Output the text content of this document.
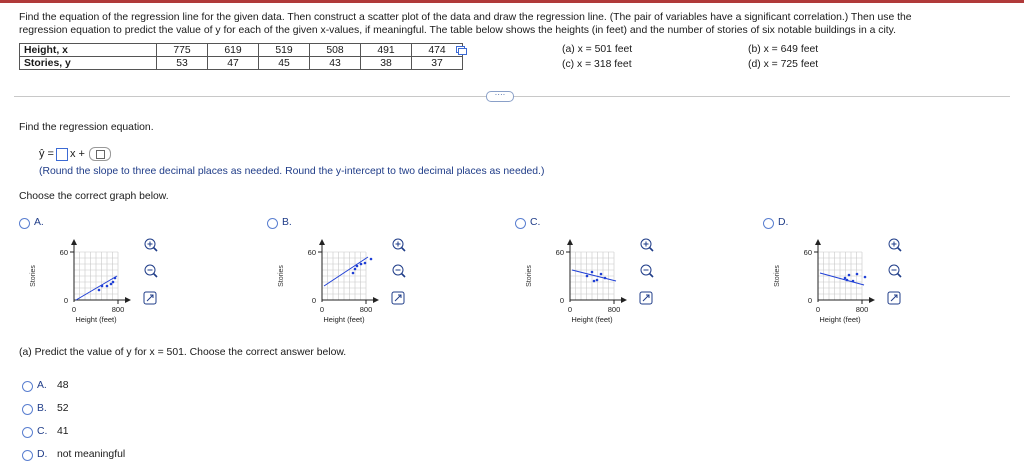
Find the equation of the regression line for the given data. Then construct a scatter plot of the data and draw the regression line. (The pair of variables have a significant correlation.) Then use the
regression equation to predict the value of y for each of the given x-values, if meaningful. The table below shows the heights (in feet) and the number of stories of six notable buildings in a city.
Height, x	775	619	519	508	491	474
Stories, y	53	47	45	43	38	37
(a) x = 501 feet	(b) x = 649 feet
(c) x = 318 feet	(d) x = 725 feet
····
Find the regression equation.
ŷ = x +
(Round the slope to three decimal places as needed. Round the y-intercept to two decimal places as needed.)
Choose the correct graph below.
A.
60
0
0	800
Height (feet)
Stories
B.
60
0
0	800
Height (feet)
Stories
C.
60
0
0	800
Height (feet)
Stories
D.
60
0
0	800
Height (feet)
Stories
(a) Predict the value of y for x = 501. Choose the correct answer below.
A. 48
B. 52
C. 41
D. not meaningful
